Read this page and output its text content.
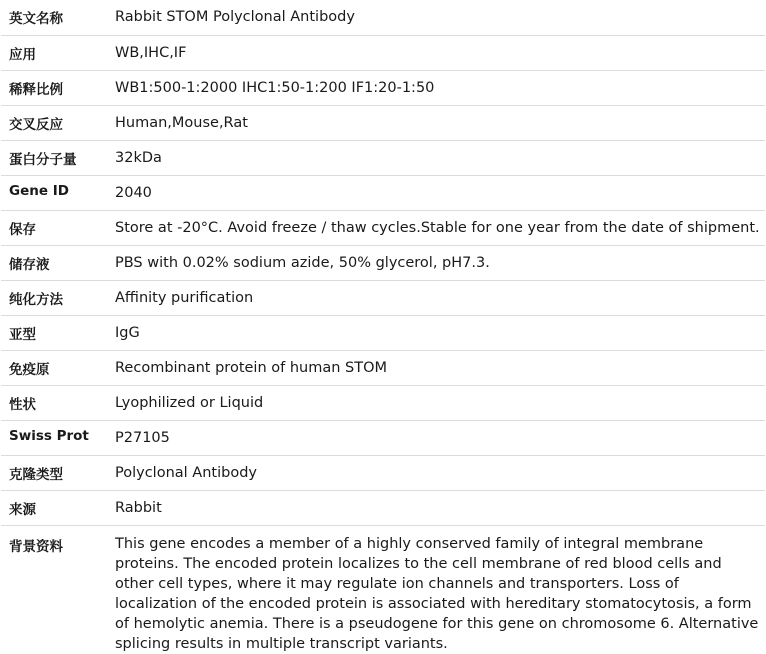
英文名称	Rabbit STOM Polyclonal Antibody
应用	WB,IHC,IF
稀释比例	WB1:500-1:2000 IHC1:50-1:200 IF1:20-1:50
交叉反应	Human,Mouse,Rat
蛋白分子量	32kDa
Gene ID	2040
保存	Store at -20°C. Avoid freeze / thaw cycles.Stable for one year from the date of shipment.
储存液	PBS with 0.02% sodium azide, 50% glycerol, pH7.3.
纯化方法	Affinity purification
亚型	IgG
免疫原	Recombinant protein of human STOM
性状	Lyophilized or Liquid
Swiss Prot	P27105
克隆类型	Polyclonal Antibody
来源	Rabbit
背景资料	This gene encodes a member of a highly conserved family of integral membrane proteins. The encoded protein localizes to the cell membrane of red blood cells and other cell types, where it may regulate ion channels and transporters. Loss of localization of the encoded protein is associated with hereditary stomatocytosis, a form of hemolytic anemia. There is a pseudogene for this gene on chromosome 6. Alternative splicing results in multiple transcript variants.
